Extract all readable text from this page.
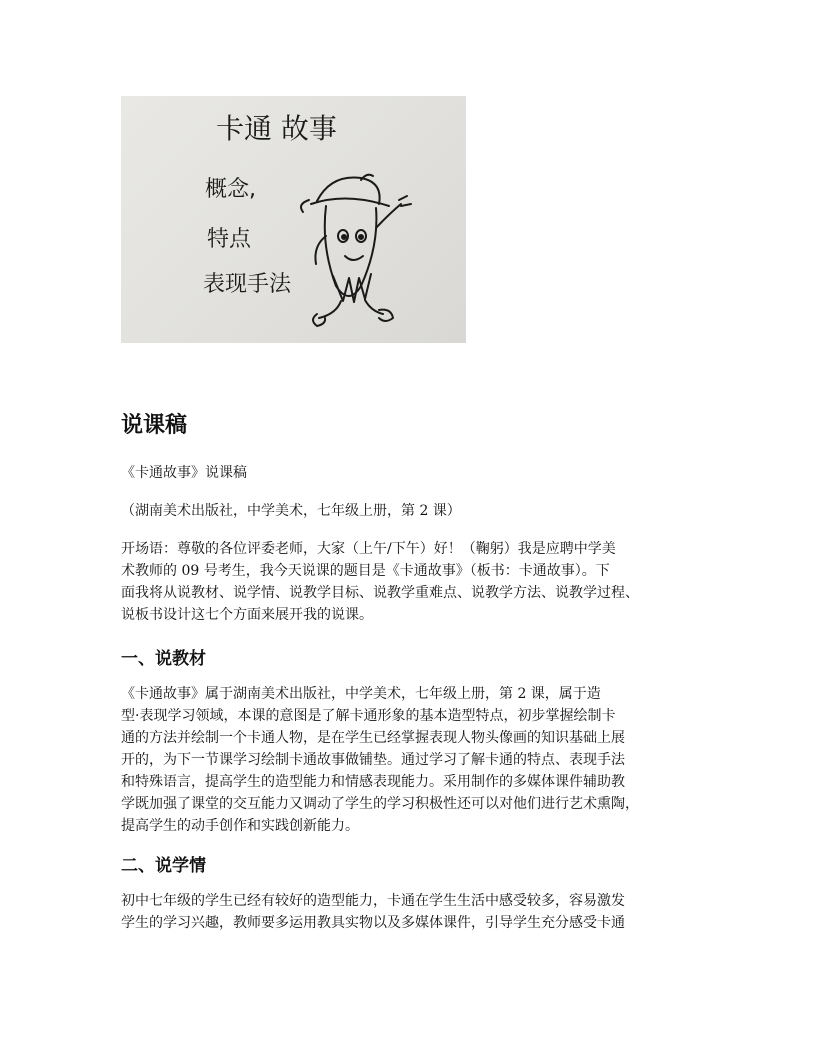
卡通 故事
概念,
特点
表现手法
说课稿

《卡通故事》说课稿

（湖南美术出版社，中学美术，七年级上册，第 2 课）

开场语：尊敬的各位评委老师，大家（上午/下午）好！（鞠躬）我是应聘中学美
术教师的 09 号考生，我今天说课的题目是《卡通故事》（板书：卡通故事）。下
面我将从说教材、说学情、说教学目标、说教学重难点、说教学方法、说教学过程、
说板书设计这七个方面来展开我的说课。
一、说教材
《卡通故事》属于湖南美术出版社，中学美术，七年级上册，第 2 课，属于造
型·表现学习领域，本课的意图是了解卡通形象的基本造型特点，初步掌握绘制卡
通的方法并绘制一个卡通人物，是在学生已经掌握表现人物头像画的知识基础上展
开的，为下一节课学习绘制卡通故事做铺垫。通过学习了解卡通的特点、表现手法
和特殊语言，提高学生的造型能力和情感表现能力。采用制作的多媒体课件辅助教
学既加强了课堂的交互能力又调动了学生的学习积极性还可以对他们进行艺术熏陶，
提高学生的动手创作和实践创新能力。
二、说学情
初中七年级的学生已经有较好的造型能力，卡通在学生生活中感受较多，容易激发
学生的学习兴趣，教师要多运用教具实物以及多媒体课件，引导学生充分感受卡通
